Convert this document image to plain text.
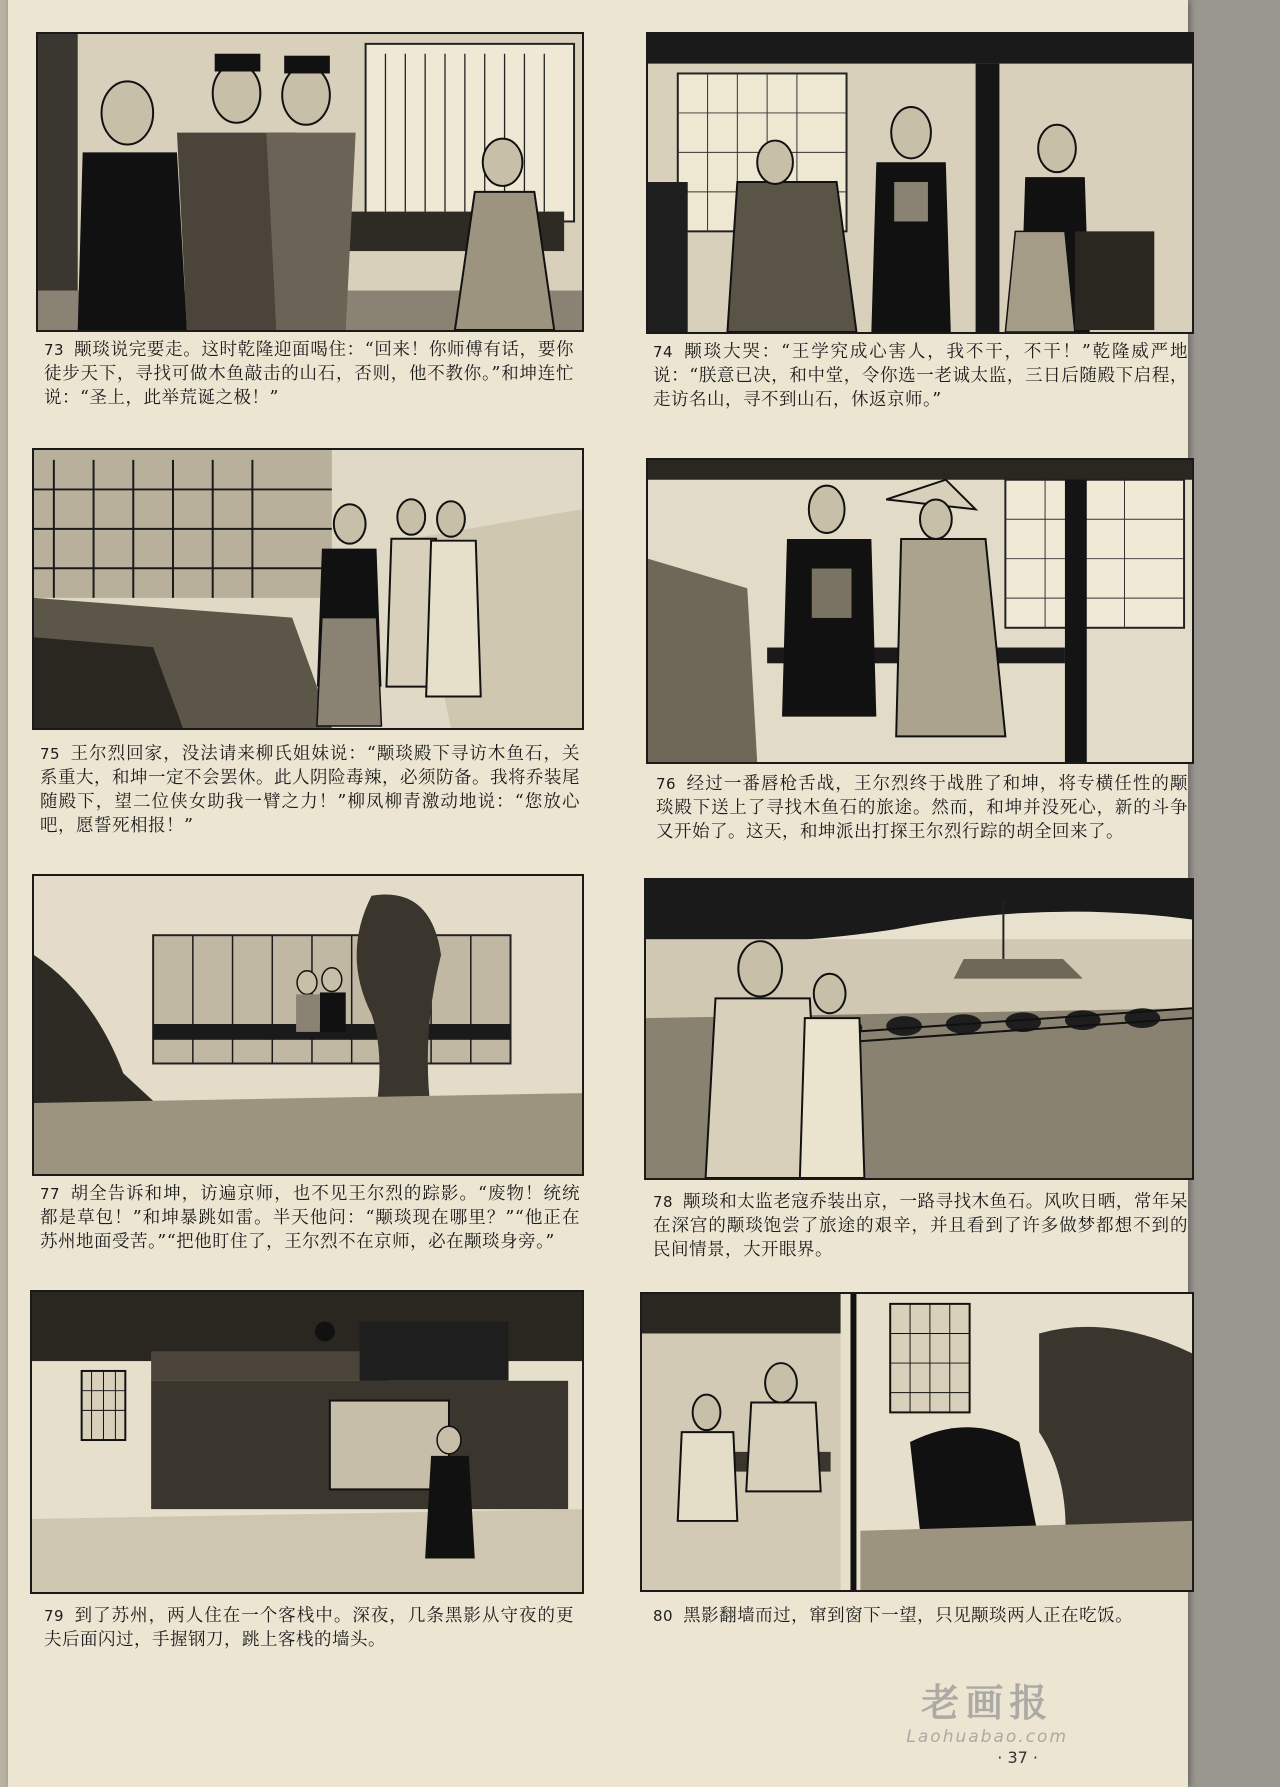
73 颙琰说完要走。这时乾隆迎面喝住：“回来！你师傅有话，要你徒步天下，寻找可做木鱼敲击的山石，否则，他不教你。”和坤连忙说：“圣上，此举荒诞之极！”
74 颙琰大哭：“王学究成心害人，我不干，不干！”乾隆威严地说：“朕意已决，和中堂，令你选一老诚太监，三日后随殿下启程，走访名山，寻不到山石，休返京师。”
75 王尔烈回家，没法请来柳氏姐妹说：“颙琰殿下寻访木鱼石，关系重大，和坤一定不会罢休。此人阴险毒辣，必须防备。我将乔装尾随殿下，望二位侠女助我一臂之力！”柳凤柳青激动地说：“您放心吧，愿誓死相报！”
76 经过一番唇枪舌战，王尔烈终于战胜了和坤，将专横任性的颙琰殿下送上了寻找木鱼石的旅途。然而，和坤并没死心，新的斗争又开始了。这天，和坤派出打探王尔烈行踪的胡全回来了。
77 胡全告诉和坤，访遍京师，也不见王尔烈的踪影。“废物！统统都是草包！”和坤暴跳如雷。半天他问：“颙琰现在哪里？”“他正在苏州地面受苦。”“把他盯住了，王尔烈不在京师，必在颙琰身旁。”
78 颙琰和太监老寇乔装出京，一路寻找木鱼石。风吹日晒，常年呆在深宫的颙琰饱尝了旅途的艰辛，并且看到了许多做梦都想不到的民间情景，大开眼界。
79 到了苏州，两人住在一个客栈中。深夜，几条黑影从守夜的更夫后面闪过，手握钢刀，跳上客栈的墙头。
80 黑影翻墙而过，窜到窗下一望，只见颙琰两人正在吃饭。
老画报
Laohuabao.com
· 37 ·
